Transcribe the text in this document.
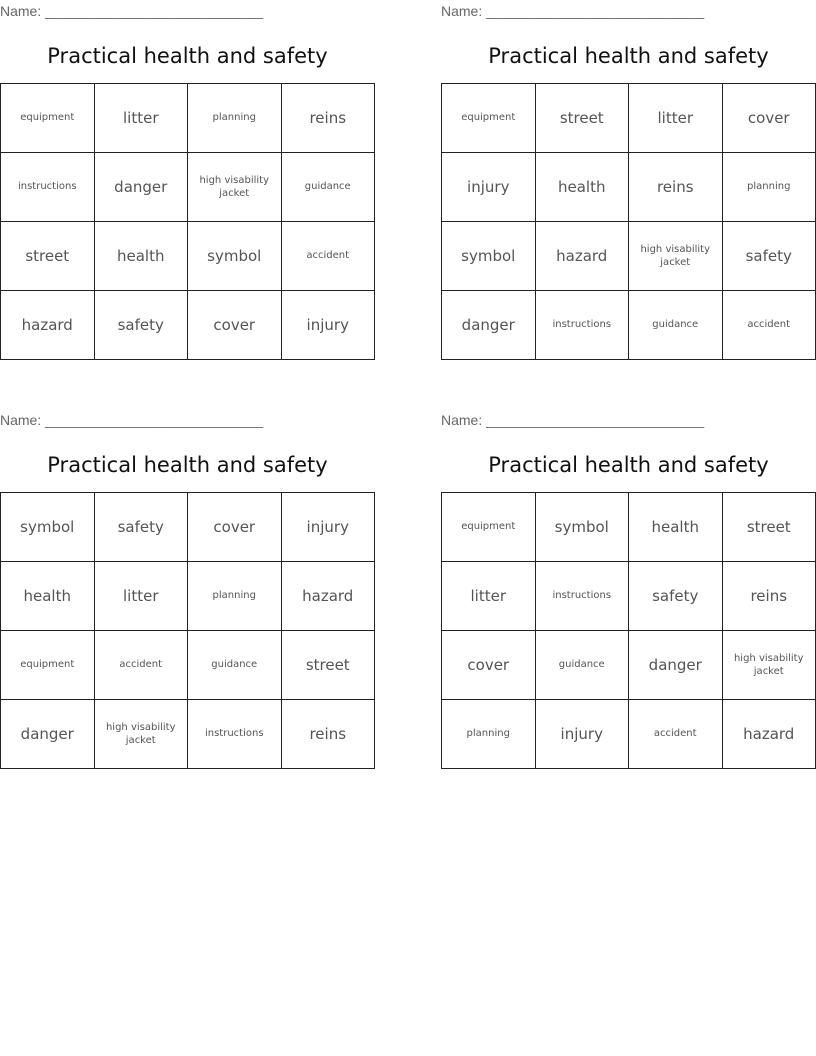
Name: ____________________________
Practical health and safety
equipment	litter	planning	reins
instructions	danger	high visability jacket	guidance
street	health	symbol	accident
hazard	safety	cover	injury
Name: ____________________________
Practical health and safety
equipment	street	litter	cover
injury	health	reins	planning
symbol	hazard	high visability jacket	safety
danger	instructions	guidance	accident
Name: ____________________________
Practical health and safety
symbol	safety	cover	injury
health	litter	planning	hazard
equipment	accident	guidance	street
danger	high visability jacket	instructions	reins
Name: ____________________________
Practical health and safety
equipment	symbol	health	street
litter	instructions	safety	reins
cover	guidance	danger	high visability jacket
planning	injury	accident	hazard
